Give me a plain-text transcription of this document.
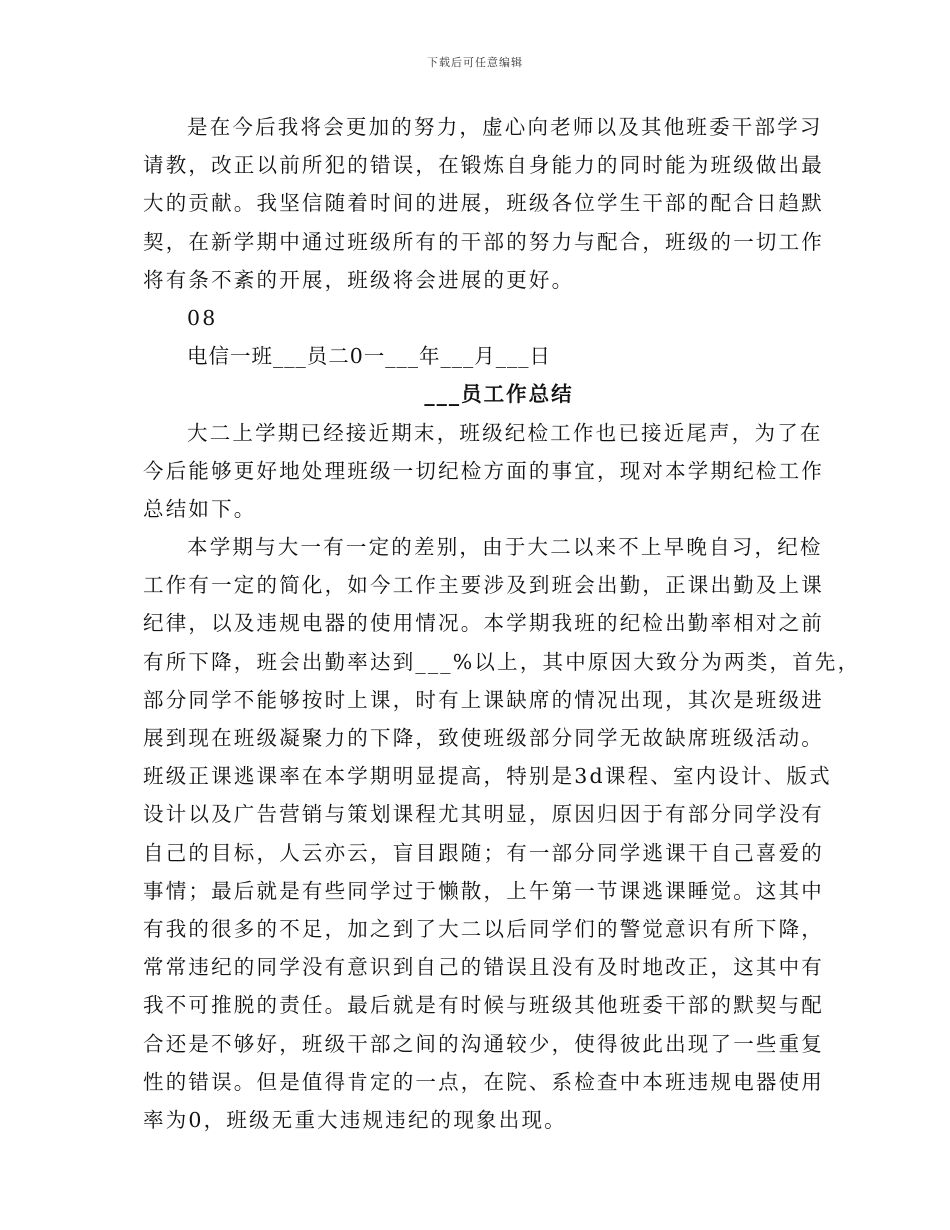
下载后可任意编辑
是在今后我将会更加的努力，虚心向老师以及其他班委干部学习
请教，改正以前所犯的错误，在锻炼自身能力的同时能为班级做出最
大的贡献。我坚信随着时间的进展，班级各位学生干部的配合日趋默
契，在新学期中通过班级所有的干部的努力与配合，班级的一切工作
将有条不紊的开展，班级将会进展的更好。
08
电信一班___员二0一___年___月___日
___员工作总结
大二上学期已经接近期末，班级纪检工作也已接近尾声，为了在
今后能够更好地处理班级一切纪检方面的事宜，现对本学期纪检工作
总结如下。
本学期与大一有一定的差别，由于大二以来不上早晚自习，纪检
工作有一定的简化，如今工作主要涉及到班会出勤，正课出勤及上课
纪律，以及违规电器的使用情况。本学期我班的纪检出勤率相对之前
有所下降，班会出勤率达到___%以上，其中原因大致分为两类，首先，
部分同学不能够按时上课，时有上课缺席的情况出现，其次是班级进
展到现在班级凝聚力的下降，致使班级部分同学无故缺席班级活动。
班级正课逃课率在本学期明显提高，特别是3d课程、室内设计、版式
设计以及广告营销与策划课程尤其明显，原因归因于有部分同学没有
自己的目标，人云亦云，盲目跟随；有一部分同学逃课干自己喜爱的
事情；最后就是有些同学过于懒散，上午第一节课逃课睡觉。这其中
有我的很多的不足，加之到了大二以后同学们的警觉意识有所下降，
常常违纪的同学没有意识到自己的错误且没有及时地改正，这其中有
我不可推脱的责任。最后就是有时候与班级其他班委干部的默契与配
合还是不够好，班级干部之间的沟通较少，使得彼此出现了一些重复
性的错误。但是值得肯定的一点，在院、系检查中本班违规电器使用
率为0，班级无重大违规违纪的现象出现。
